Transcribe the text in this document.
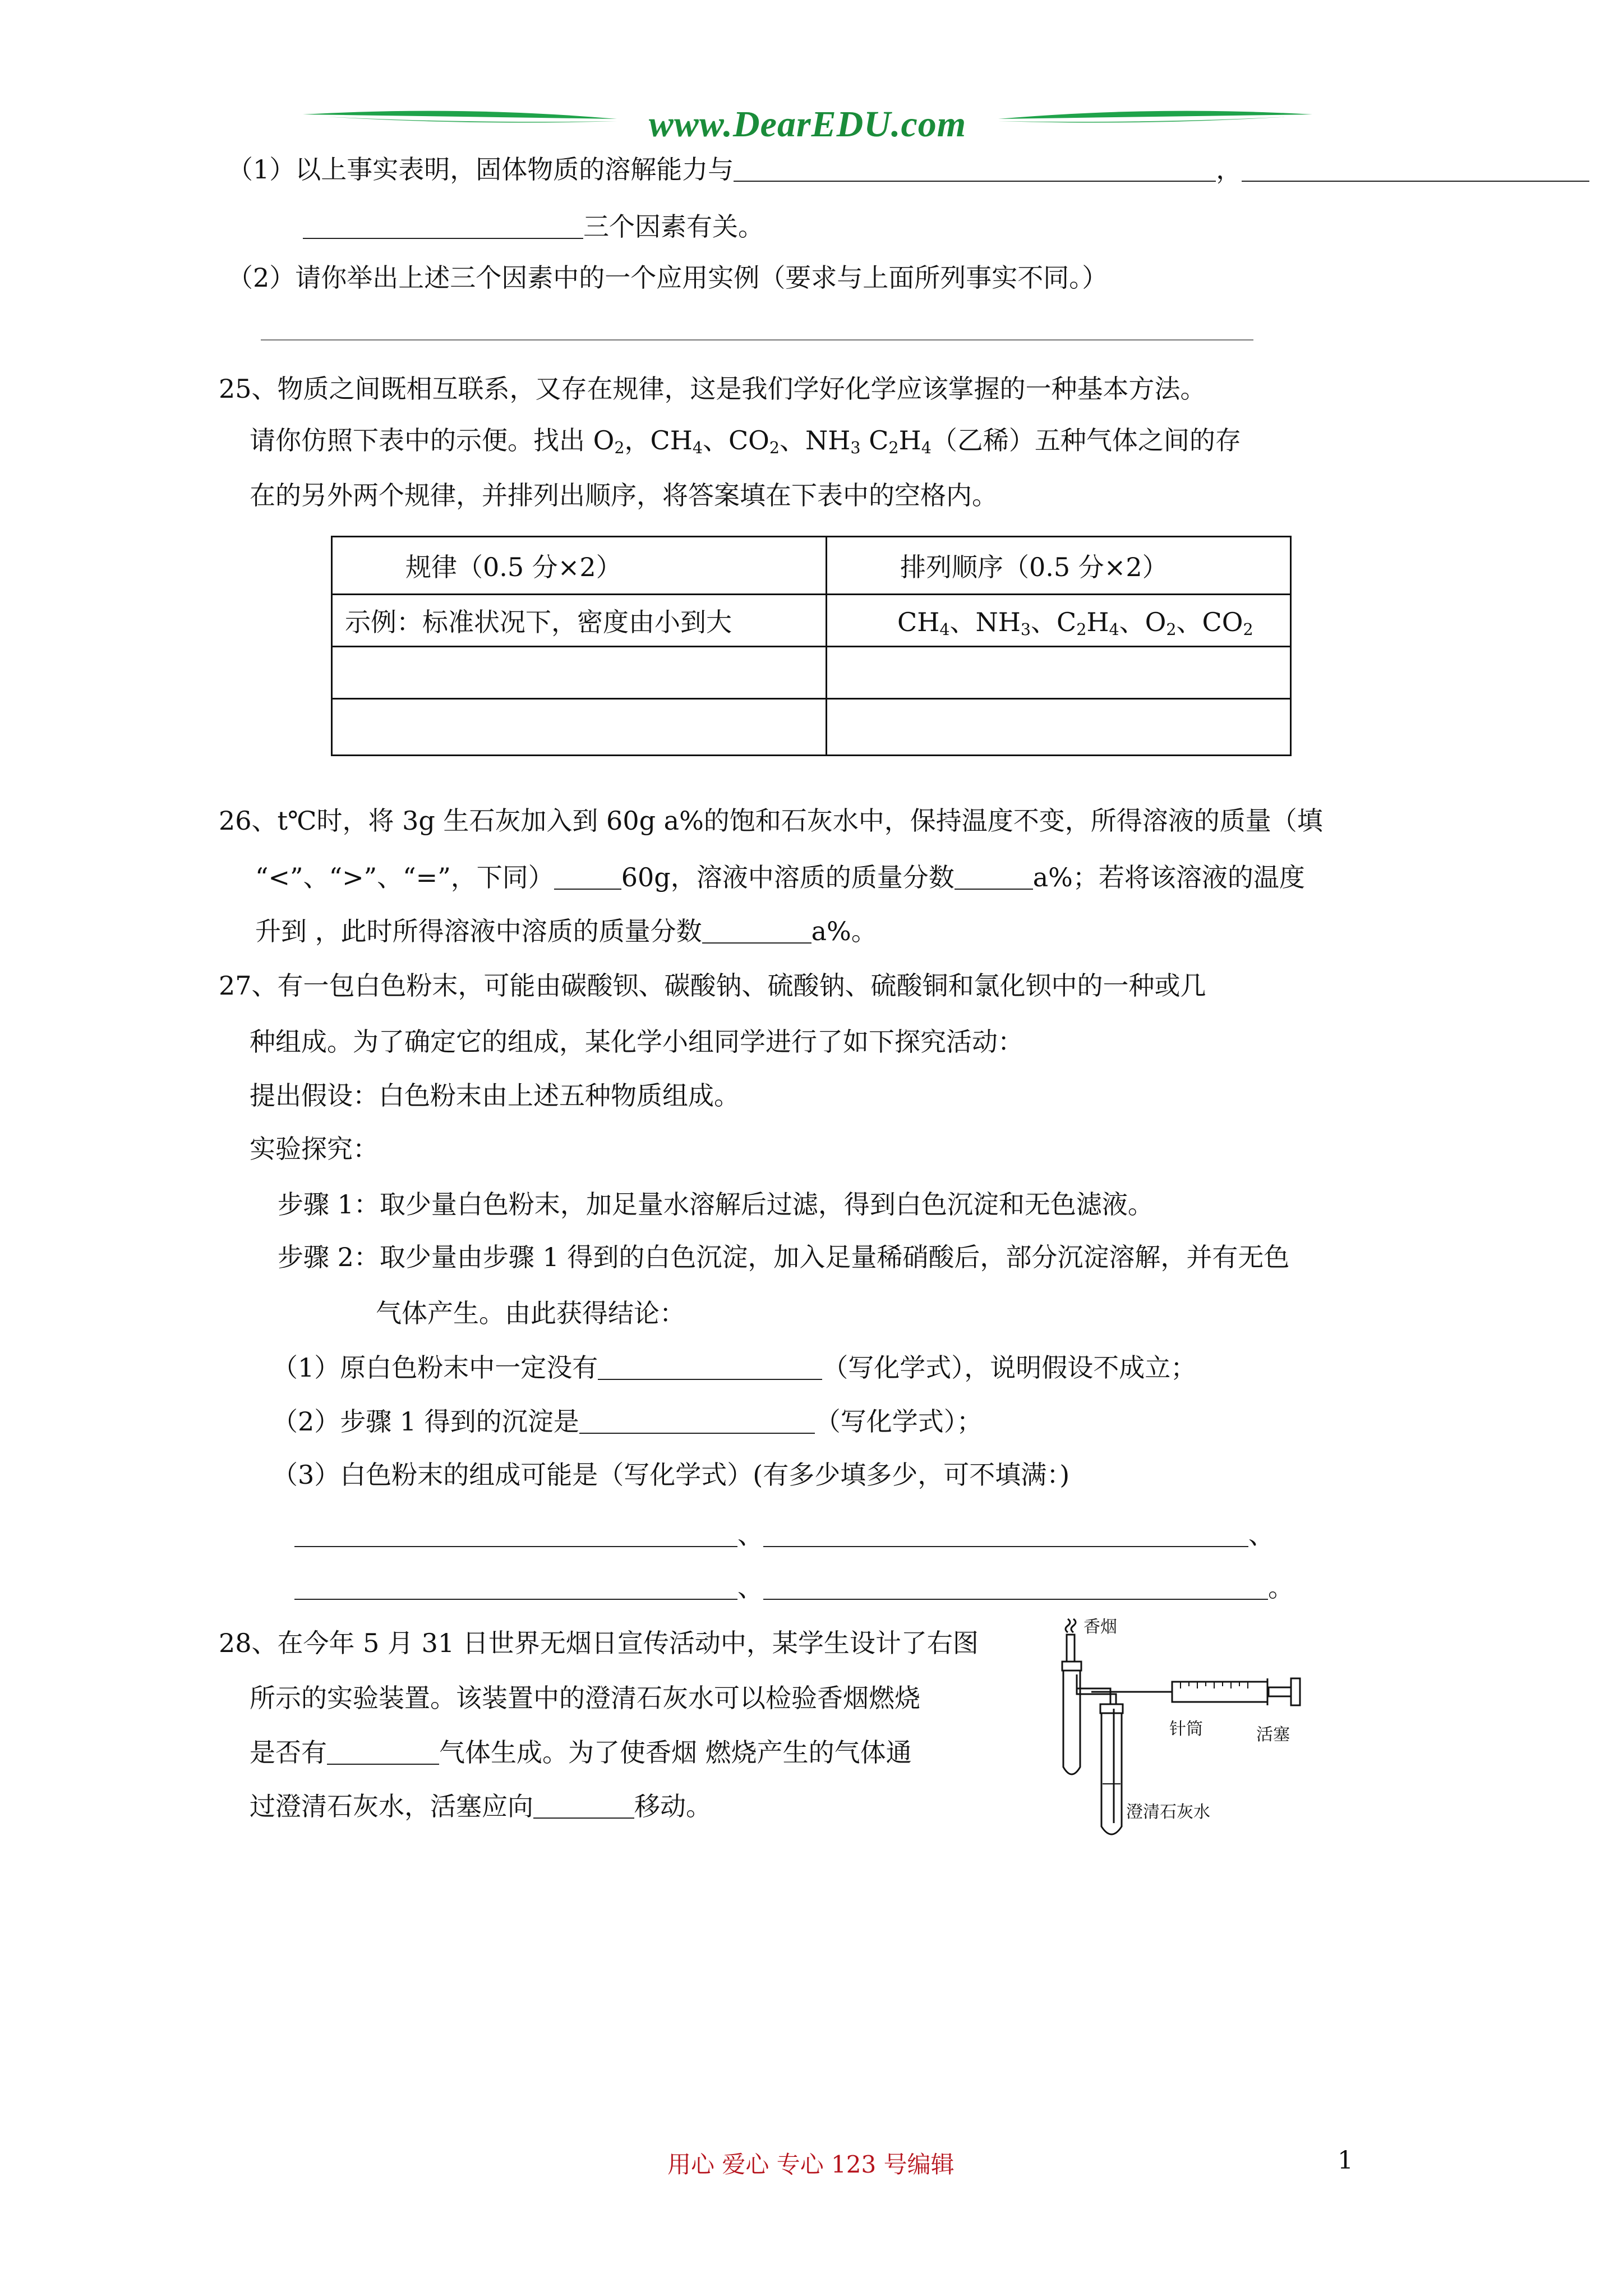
www.DearEDU.com
（1）以上事实表明，固体物质的溶解能力与	，
三个因素有关。
（2）请你举出上述三个因素中的一个应用实例（要求与上面所列事实不同。）
25、物质之间既相互联系，又存在规律，这是我们学好化学应该掌握的一种基本方法。
请你仿照下表中的示便。找出 $O_2$，$CH_4$、$CO_2$、$NH_3$ $C_2H_4$（乙稀）五种气体之间的存
在的另外两个规律，并排列出顺序，将答案填在下表中的空格内。
规律（0.5 分×2）	排列顺序（0.5 分×2）
示例：标准状况下，密度由小到大	$CH_4$、$NH_3$、$C_2H_4$、$O_2$、$CO_2$

26、t℃时，将 3g 生石灰加入到 60g a%的饱和石灰水中，保持温度不变，所得溶液的质量（填
“<”、“>”、“=”，下同）	60g，溶液中溶质的质量分数	a%；若将该溶液的温度
升到 ，此时所得溶液中溶质的质量分数	a%。
27、有一包白色粉末，可能由碳酸钡、碳酸钠、硫酸钠、硫酸铜和氯化钡中的一种或几
种组成。为了确定它的组成，某化学小组同学进行了如下探究活动：
提出假设：白色粉末由上述五种物质组成。
实验探究：
步骤 1：取少量白色粉末，加足量水溶解后过滤，得到白色沉淀和无色滤液。
步骤 2：取少量由步骤 1 得到的白色沉淀，加入足量稀硝酸后，部分沉淀溶解，并有无色
气体产生。由此获得结论：
（1）原白色粉末中一定没有	（写化学式），说明假设不成立；
（2）步骤 1 得到的沉淀是	（写化学式）；
（3）白色粉末的组成可能是（写化学式）(有多少填多少，可不填满：)
、	、
、	。
28、在今年 5 月 31 日世界无烟日宣传活动中，某学生设计了右图
所示的实验装置。该装置中的澄清石灰水可以检验香烟燃烧
是否有	气体生成。为了使香烟 燃烧产生的气体通
过澄清石灰水，活塞应向	移动。
香烟
针筒	活塞
澄清石灰水
用心 爱心 专心 123 号编辑	1
